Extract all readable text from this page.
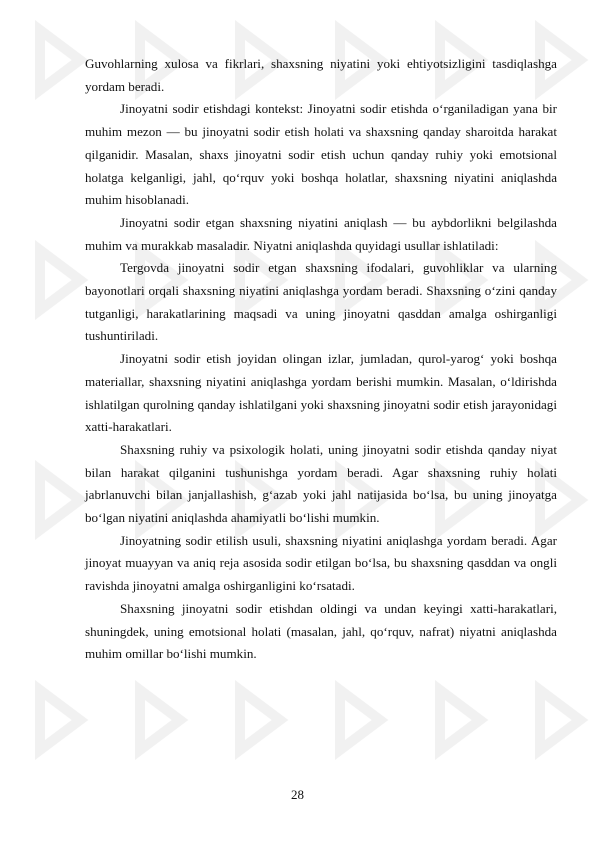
Guvohlarning xulosa va fikrlari, shaxsning niyatini yoki ehtiyotsizligini tasdiqlashga yordam beradi.

Jinoyatni sodir etishdagi kontekst: Jinoyatni sodir etishda oʻrganiladigan yana bir muhim mezon — bu jinoyatni sodir etish holati va shaxsning qanday sharoitda harakat qilganidir. Masalan, shaxs jinoyatni sodir etish uchun qanday ruhiy yoki emotsional holatga kelganligi, jahl, qoʻrquv yoki boshqa holatlar, shaxsning niyatini aniqlashda muhim hisoblanadi.

Jinoyatni sodir etgan shaxsning niyatini aniqlash — bu aybdorlikni belgilashda muhim va murakkab masaladir. Niyatni aniqlashda quyidagi usullar ishlatiladi:

Tergovda jinoyatni sodir etgan shaxsning ifodalari, guvohliklar va ularning bayonotlari orqali shaxsning niyatini aniqlashga yordam beradi. Shaxsning oʻzini qanday tutganligi, harakatlarining maqsadi va uning jinoyatni qasddan amalga oshirganligi tushuntiriladi.

Jinoyatni sodir etish joyidan olingan izlar, jumladan, qurol-yarogʻ yoki boshqa materiallar, shaxsning niyatini aniqlashga yordam berishi mumkin. Masalan, oʻldirishda ishlatilgan qurolning qanday ishlatilgani yoki shaxsning jinoyatni sodir etish jarayonidagi xatti-harakatlari.

Shaxsning ruhiy va psixologik holati, uning jinoyatni sodir etishda qanday niyat bilan harakat qilganini tushunishga yordam beradi. Agar shaxsning ruhiy holati jabrlanuvchi bilan janjallashish, gʻazab yoki jahl natijasida boʻlsa, bu uning jinoyatga boʻlgan niyatini aniqlashda ahamiyatli boʻlishi mumkin.

Jinoyatning sodir etilish usuli, shaxsning niyatini aniqlashga yordam beradi. Agar jinoyat muayyan va aniq reja asosida sodir etilgan boʻlsa, bu shaxsning qasddan va ongli ravishda jinoyatni amalga oshirganligini koʻrsatadi.

Shaxsning jinoyatni sodir etishdan oldingi va undan keyingi xatti-harakatlari, shuningdek, uning emotsional holati (masalan, jahl, qoʻrquv, nafrat) niyatni aniqlashda muhim omillar boʻlishi mumkin.

28
